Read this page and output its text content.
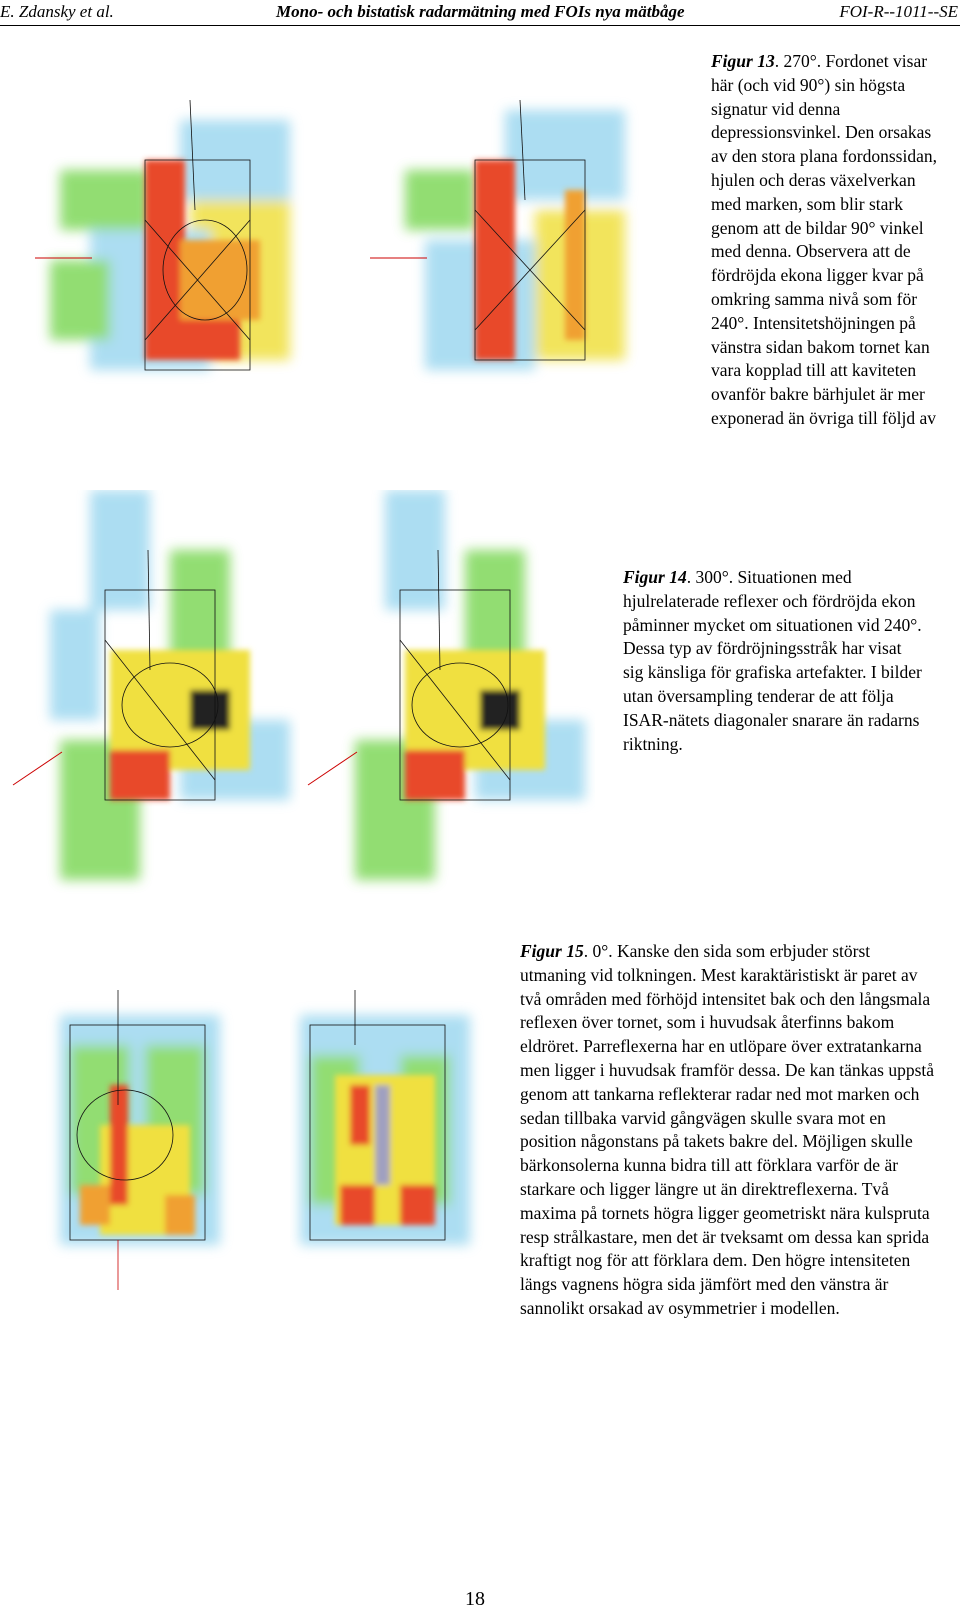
E. Zdansky et al.	Mono- och bistatisk radarmätning med FOIs nya mätbåge	FOI-R--1011--SE
Figur 13. 270°. Fordonet visar här (och vid 90°) sin högsta signatur vid denna depressionsvinkel. Den orsakas av den stora plana fordonssidan, hjulen och deras växelverkan med marken, som blir stark genom att de bildar 90° vinkel med denna. Observera att de fördröjda ekona ligger kvar på omkring samma nivå som för 240°. Intensitetshöjningen på vänstra sidan bakom tornet kan vara kopplad till att kaviteten ovanför bakre bärhjulet är mer exponerad än övriga till följd av
Figur 14. 300°. Situationen med hjulrelaterade reflexer och fördröjda ekon påminner mycket om situationen vid 240°. Dessa typ av fördröjningsstråk har visat sig känsliga för grafiska artefakter. I bilder utan översampling tenderar de att följa ISAR-nätets diagonaler snarare än radarns riktning.
Figur 15. 0°. Kanske den sida som erbjuder störst utmaning vid tolkningen. Mest karaktäristiskt är paret av två områden med förhöjd intensitet bak och den långsmala reflexen över tornet, som i huvudsak återfinns bakom eldröret. Parreflexerna har en utlöpare över extratankarna men ligger i huvudsak framför dessa. De kan tänkas uppstå genom att tankarna reflekterar radar ned mot marken och sedan tillbaka varvid gångvägen skulle svara mot en position någonstans på takets bakre del. Möjligen skulle bärkonsolerna kunna bidra till att förklara varför de är starkare och ligger längre ut än direktreflexerna. Två maxima på tornets högra ligger geometriskt nära kulspruta resp strålkastare, men det är tveksamt om dessa kan sprida kraftigt nog för att förklara dem. Den högre intensiteten längs vagnens högra sida jämfört med den vänstra är sannolikt orsakad av osymmetrier i modellen.
18
